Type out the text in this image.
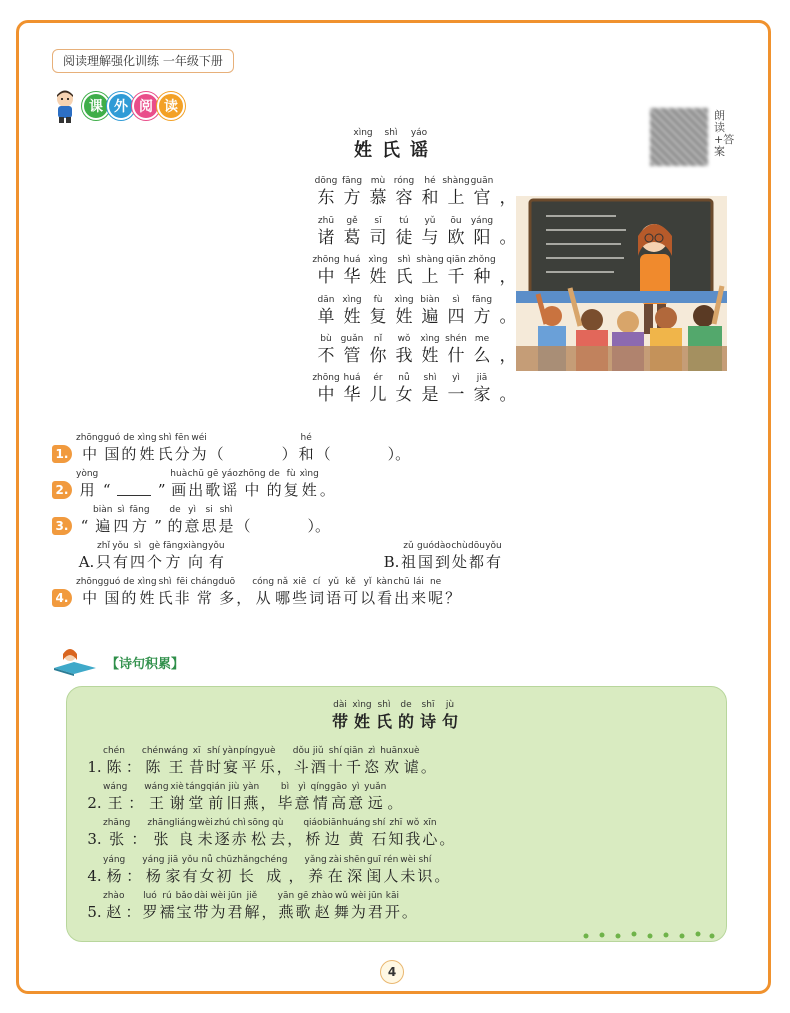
阅读理解强化训练 一年级下册
课 外 阅 读
朗读+答案
xìng
姓
shì
氏
yáo
谣
dōng
东
fāng
方
mù
慕
róng
容
hé
和
shàng
上
guān
官 ，
zhū
诸
gě
葛
sī
司
tú
徒
yǔ
与
ōu
欧
yáng
阳 。
zhōng
中
huá
华
xìng
姓
shì
氏
shàng
上
qiān
千
zhǒng
种 ，
dān
单
xìng
姓
fù
复
xìng
姓
biàn
遍
sì
四
fāng
方 。
bù
不
guǎn
管
nǐ
你
wǒ
我
xìng
姓
shén
什
me
么 ，
zhōng
中
huá
华
ér
儿
nǚ
女
shì
是
yì
一
jiā
家 。
1.
zhōng
中
guó
国
de
的
xìng
姓
shì
氏
fēn
分
wéi
为 （	）
hé
和 （	）。
2.
yòng
用 “	”
huà
画
chū
出
gē
歌
yáo
谣
zhōng
中
de
的
fù
复
xìng
姓 。
3. “
biàn
遍
sì
四
fāng
方 ”
de
的
yì
意
si
思
shì
是 （	）。
4.
zhōng
中
guó
国
de
的
xìng
姓
shì
氏
fēi
非
cháng
常
duō
多 ，
cóng
从
nǎ
哪
xiē
些
cí
词
yǔ
语
kě
可
yǐ
以
kàn
看
chū
出
lái
来
ne
呢 ？
A.
zhǐ
只
yǒu
有
sì
四
gè
个
fāng
方
xiàng
向
yǒu
有	B.
zǔ
祖
guó
国
dào
到
chù
处
dōu
都
yǒu
有
【诗句积累】
dài
带
xìng
姓
shì
氏
de
的
shī
诗
jù
句
1.
chén
陈 ：
chén
陈
wáng
王
xī
昔
shí
时
yàn
宴
píng
平
yuè
乐 ，
dǒu
斗
jiǔ
酒
shí
十
qiān
千
zì
恣
huān
欢
xuè
谑 。
2.
wáng
王 ：
wáng
王
xiè
谢
táng
堂
qián
前
jiù
旧
yàn
燕 ，
bì
毕
yì
意
qíng
情
gāo
高
yì
意
yuǎn
远 。
3.
zhāng
张 ：
zhāng
张
liáng
良
wèi
未
zhú
逐
chì
赤
sōng
松
qù
去 ，
qiáo
桥
biān
边
huáng
黄
shí
石
zhī
知
wǒ
我
xīn
心 。
4.
yáng
杨 ：
yáng
杨
jiā
家
yǒu
有
nǚ
女
chū
初
zhǎng
长
chéng
成 ，
yǎng
养
zài
在
shēn
深
guī
闺
rén
人
wèi
未
shí
识 。
5.
zhào
赵 ：
luó
罗
rú
襦
bǎo
宝
dài
带
wèi
为
jūn
君
jiě
解 ，
yān
燕
gē
歌
zhào
赵
wǔ
舞
wèi
为
jūn
君
kāi
开 。
4
